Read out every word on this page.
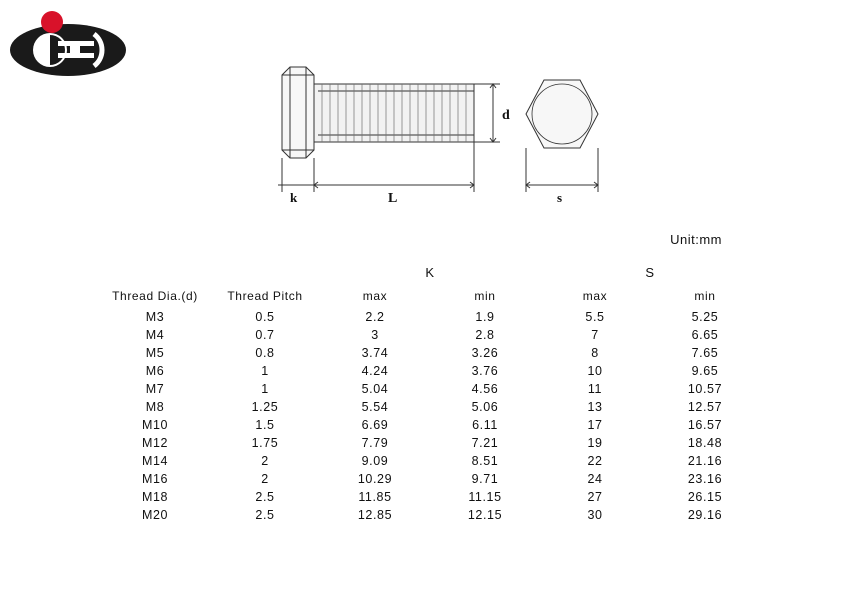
k	L
d
s
Unit:mm
		K		S	
Thread Dia.(d)	Thread Pitch	max	min	max	min
M3	0.5	2.2	1.9	5.5	5.25
M4	0.7	3	2.8	7	6.65
M5	0.8	3.74	3.26	8	7.65
M6	1	4.24	3.76	10	9.65
M7	1	5.04	4.56	11	10.57
M8	1.25	5.54	5.06	13	12.57
M10	1.5	6.69	6.11	17	16.57
M12	1.75	7.79	7.21	19	18.48
M14	2	9.09	8.51	22	21.16
M16	2	10.29	9.71	24	23.16
M18	2.5	11.85	11.15	27	26.15
M20	2.5	12.85	12.15	30	29.16
